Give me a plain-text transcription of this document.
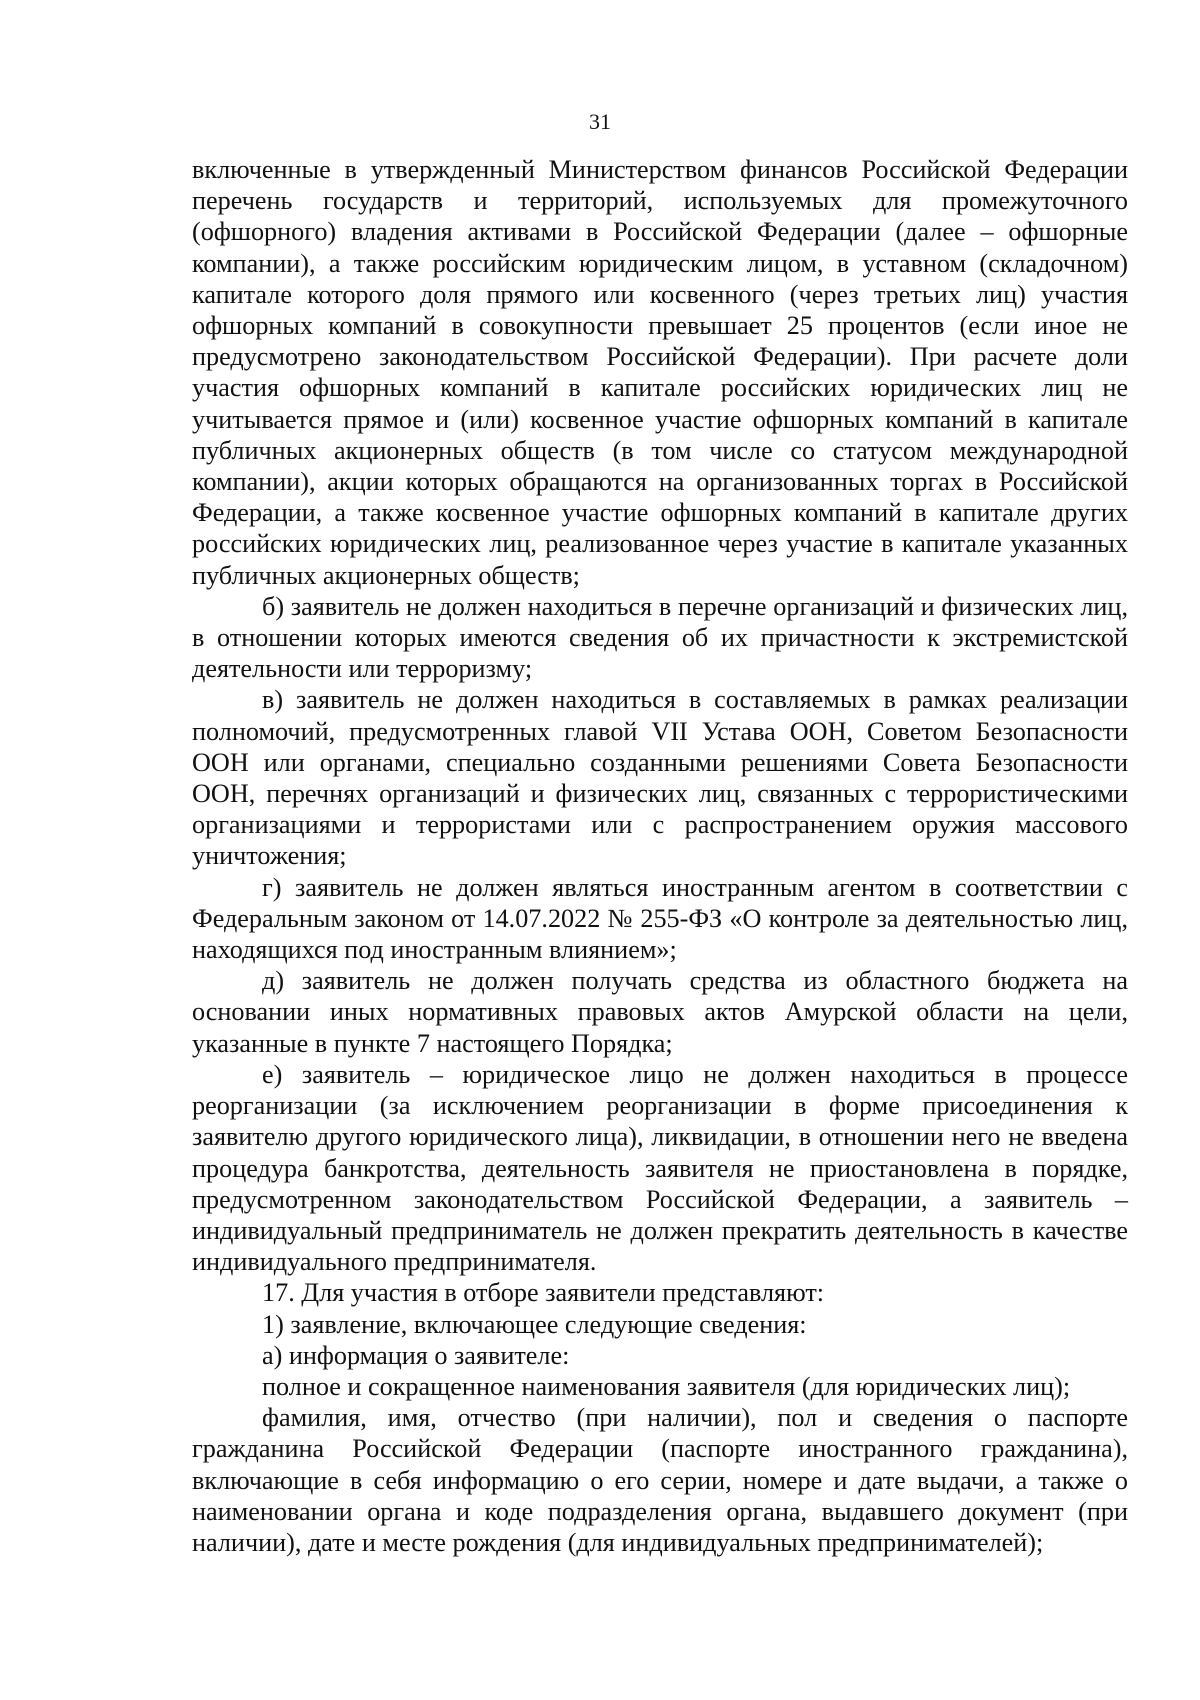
31

включенные в утвержденный Министерством финансов Российской Федерации перечень государств и территорий, используемых для промежуточного (офшорного) владения активами в Российской Федерации (далее – офшорные компании), а также российским юридическим лицом, в уставном (складочном) капитале которого доля прямого или косвенного (через третьих лиц) участия офшорных компаний в совокупности превышает 25 процентов (если иное не предусмотрено законодательством Российской Федерации). При расчете доли участия офшорных компаний в капитале российских юридических лиц не учитывается прямое и (или) косвенное участие офшорных компаний в капитале публичных акционерных обществ (в том числе со статусом международной компании), акции которых обращаются на организованных торгах в Российской Федерации, а также косвенное участие офшорных компаний в капитале других российских юридических лиц, реализованное через участие в капитале указанных публичных акционерных обществ;

б) заявитель не должен находиться в перечне организаций и физических лиц, в отношении которых имеются сведения об их причастности к экстремистской деятельности или терроризму;

в) заявитель не должен находиться в составляемых в рамках реализации полномочий, предусмотренных главой VII Устава ООН, Советом Безопасности ООН или органами, специально созданными решениями Совета Безопасности ООН, перечнях организаций и физических лиц, связанных с террористическими организациями и террористами или с распространением оружия массового уничтожения;

г) заявитель не должен являться иностранным агентом в соответствии с Федеральным законом от 14.07.2022 № 255-ФЗ «О контроле за деятельностью лиц, находящихся под иностранным влиянием»;

д) заявитель не должен получать средства из областного бюджета на основании иных нормативных правовых актов Амурской области на цели, указанные в пункте 7 настоящего Порядка;

е) заявитель – юридическое лицо не должен находиться в процессе реорганизации (за исключением реорганизации в форме присоединения к заявителю другого юридического лица), ликвидации, в отношении него не введена процедура банкротства, деятельность заявителя не приостановлена в порядке, предусмотренном законодательством Российской Федерации, а заявитель – индивидуальный предприниматель не должен прекратить деятельность в качестве индивидуального предпринимателя.

17. Для участия в отборе заявители представляют:

1) заявление, включающее следующие сведения:

а) информация о заявителе:

полное и сокращенное наименования заявителя (для юридических лиц);

фамилия, имя, отчество (при наличии), пол и сведения о паспорте гражданина Российской Федерации (паспорте иностранного гражданина), включающие в себя информацию о его серии, номере и дате выдачи, а также о наименовании органа и коде подразделения органа, выдавшего документ (при наличии), дате и месте рождения (для индивидуальных предпринимателей);
